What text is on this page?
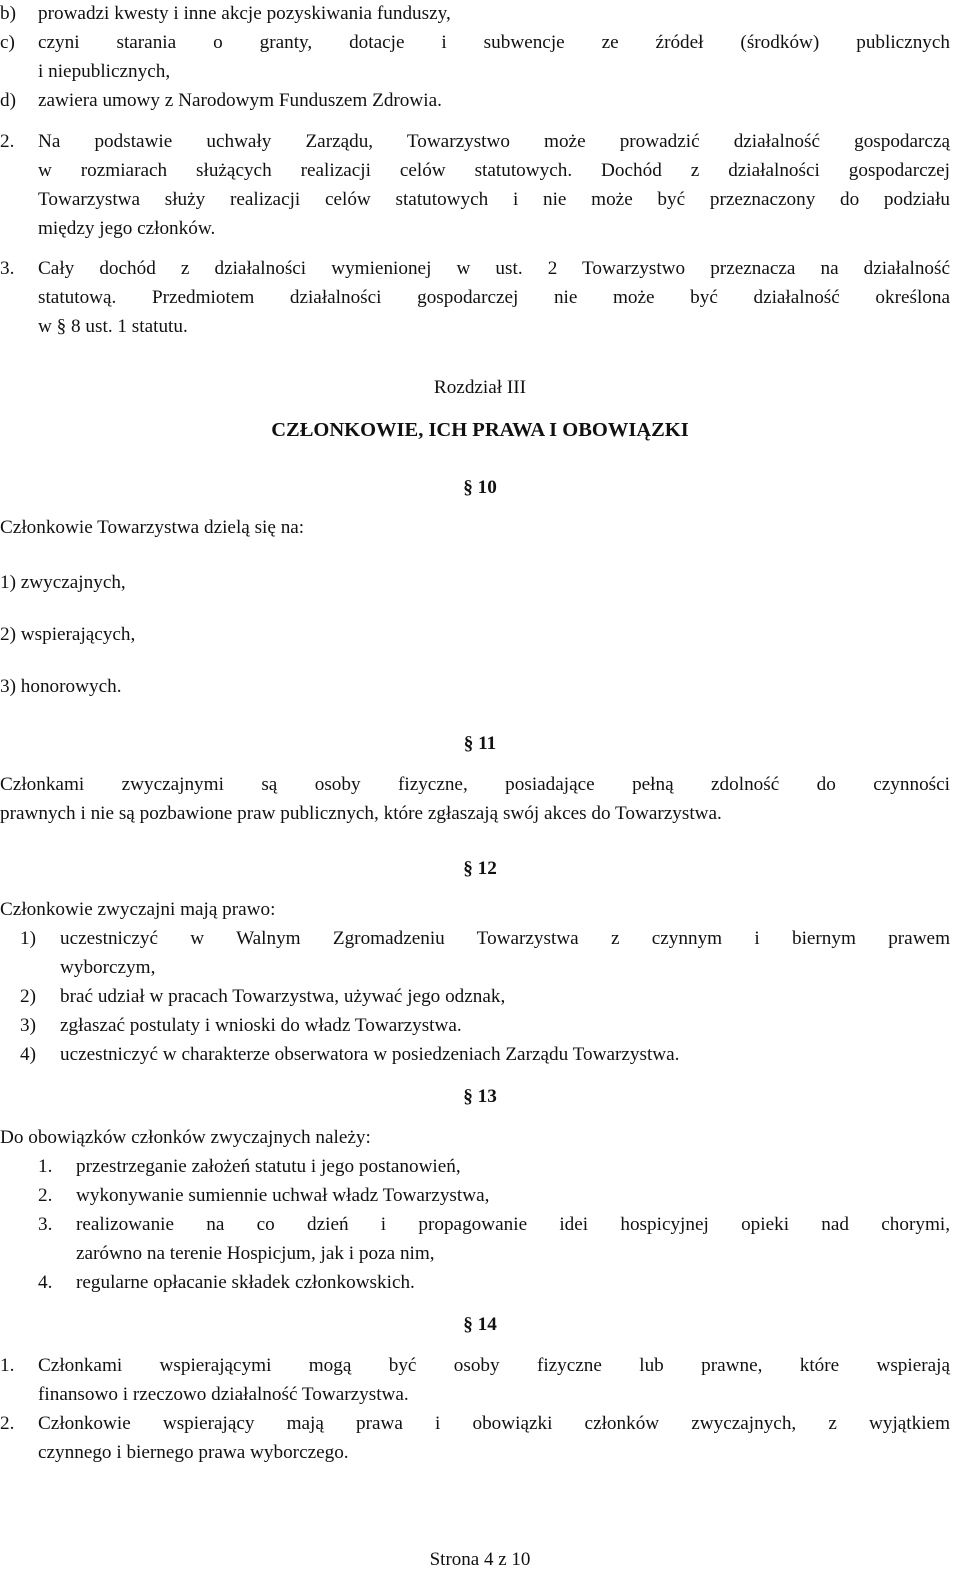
b) prowadzi kwesty i inne akcje pozyskiwania funduszy,
c) czyni starania o granty, dotacje i subwencje ze źródeł (środków) publicznych
i niepublicznych,
d) zawiera umowy z Narodowym Funduszem Zdrowia.
2. Na podstawie uchwały Zarządu, Towarzystwo może prowadzić działalność gospodarczą
w rozmiarach służących realizacji celów statutowych. Dochód z działalności gospodarczej
Towarzystwa służy realizacji celów statutowych i nie może być przeznaczony do podziału
między jego członków.
3. Cały dochód z działalności wymienionej w ust. 2 Towarzystwo przeznacza na działalność
statutową. Przedmiotem działalności gospodarczej nie może być działalność określona
w § 8 ust. 1 statutu.
Rozdział III
CZŁONKOWIE, ICH PRAWA I OBOWIĄZKI
§ 10
Członkowie Towarzystwa dzielą się na:
1) zwyczajnych,
2) wspierających,
3) honorowych.
§ 11
Członkami zwyczajnymi są osoby fizyczne, posiadające pełną zdolność do czynności
prawnych i nie są pozbawione praw publicznych, które zgłaszają swój akces do Towarzystwa.
§ 12
Członkowie zwyczajni mają prawo:
1) uczestniczyć w Walnym Zgromadzeniu Towarzystwa z czynnym i biernym prawem
wyborczym,
2) brać udział w pracach Towarzystwa, używać jego odznak,
3) zgłaszać postulaty i wnioski do władz Towarzystwa.
4) uczestniczyć w charakterze obserwatora w posiedzeniach Zarządu Towarzystwa.
§ 13
Do obowiązków członków zwyczajnych należy:
1. przestrzeganie założeń statutu i jego postanowień,
2. wykonywanie sumiennie uchwał władz Towarzystwa,
3. realizowanie na co dzień i propagowanie idei hospicyjnej opieki nad chorymi,
zarówno na terenie Hospicjum, jak i poza nim,
4. regularne opłacanie składek członkowskich.
§ 14
1. Członkami wspierającymi mogą być osoby fizyczne lub prawne, które wspierają
finansowo i rzeczowo działalność Towarzystwa.
2. Członkowie wspierający mają prawa i obowiązki członków zwyczajnych, z wyjątkiem
czynnego i biernego prawa wyborczego.
Strona 4 z 10
